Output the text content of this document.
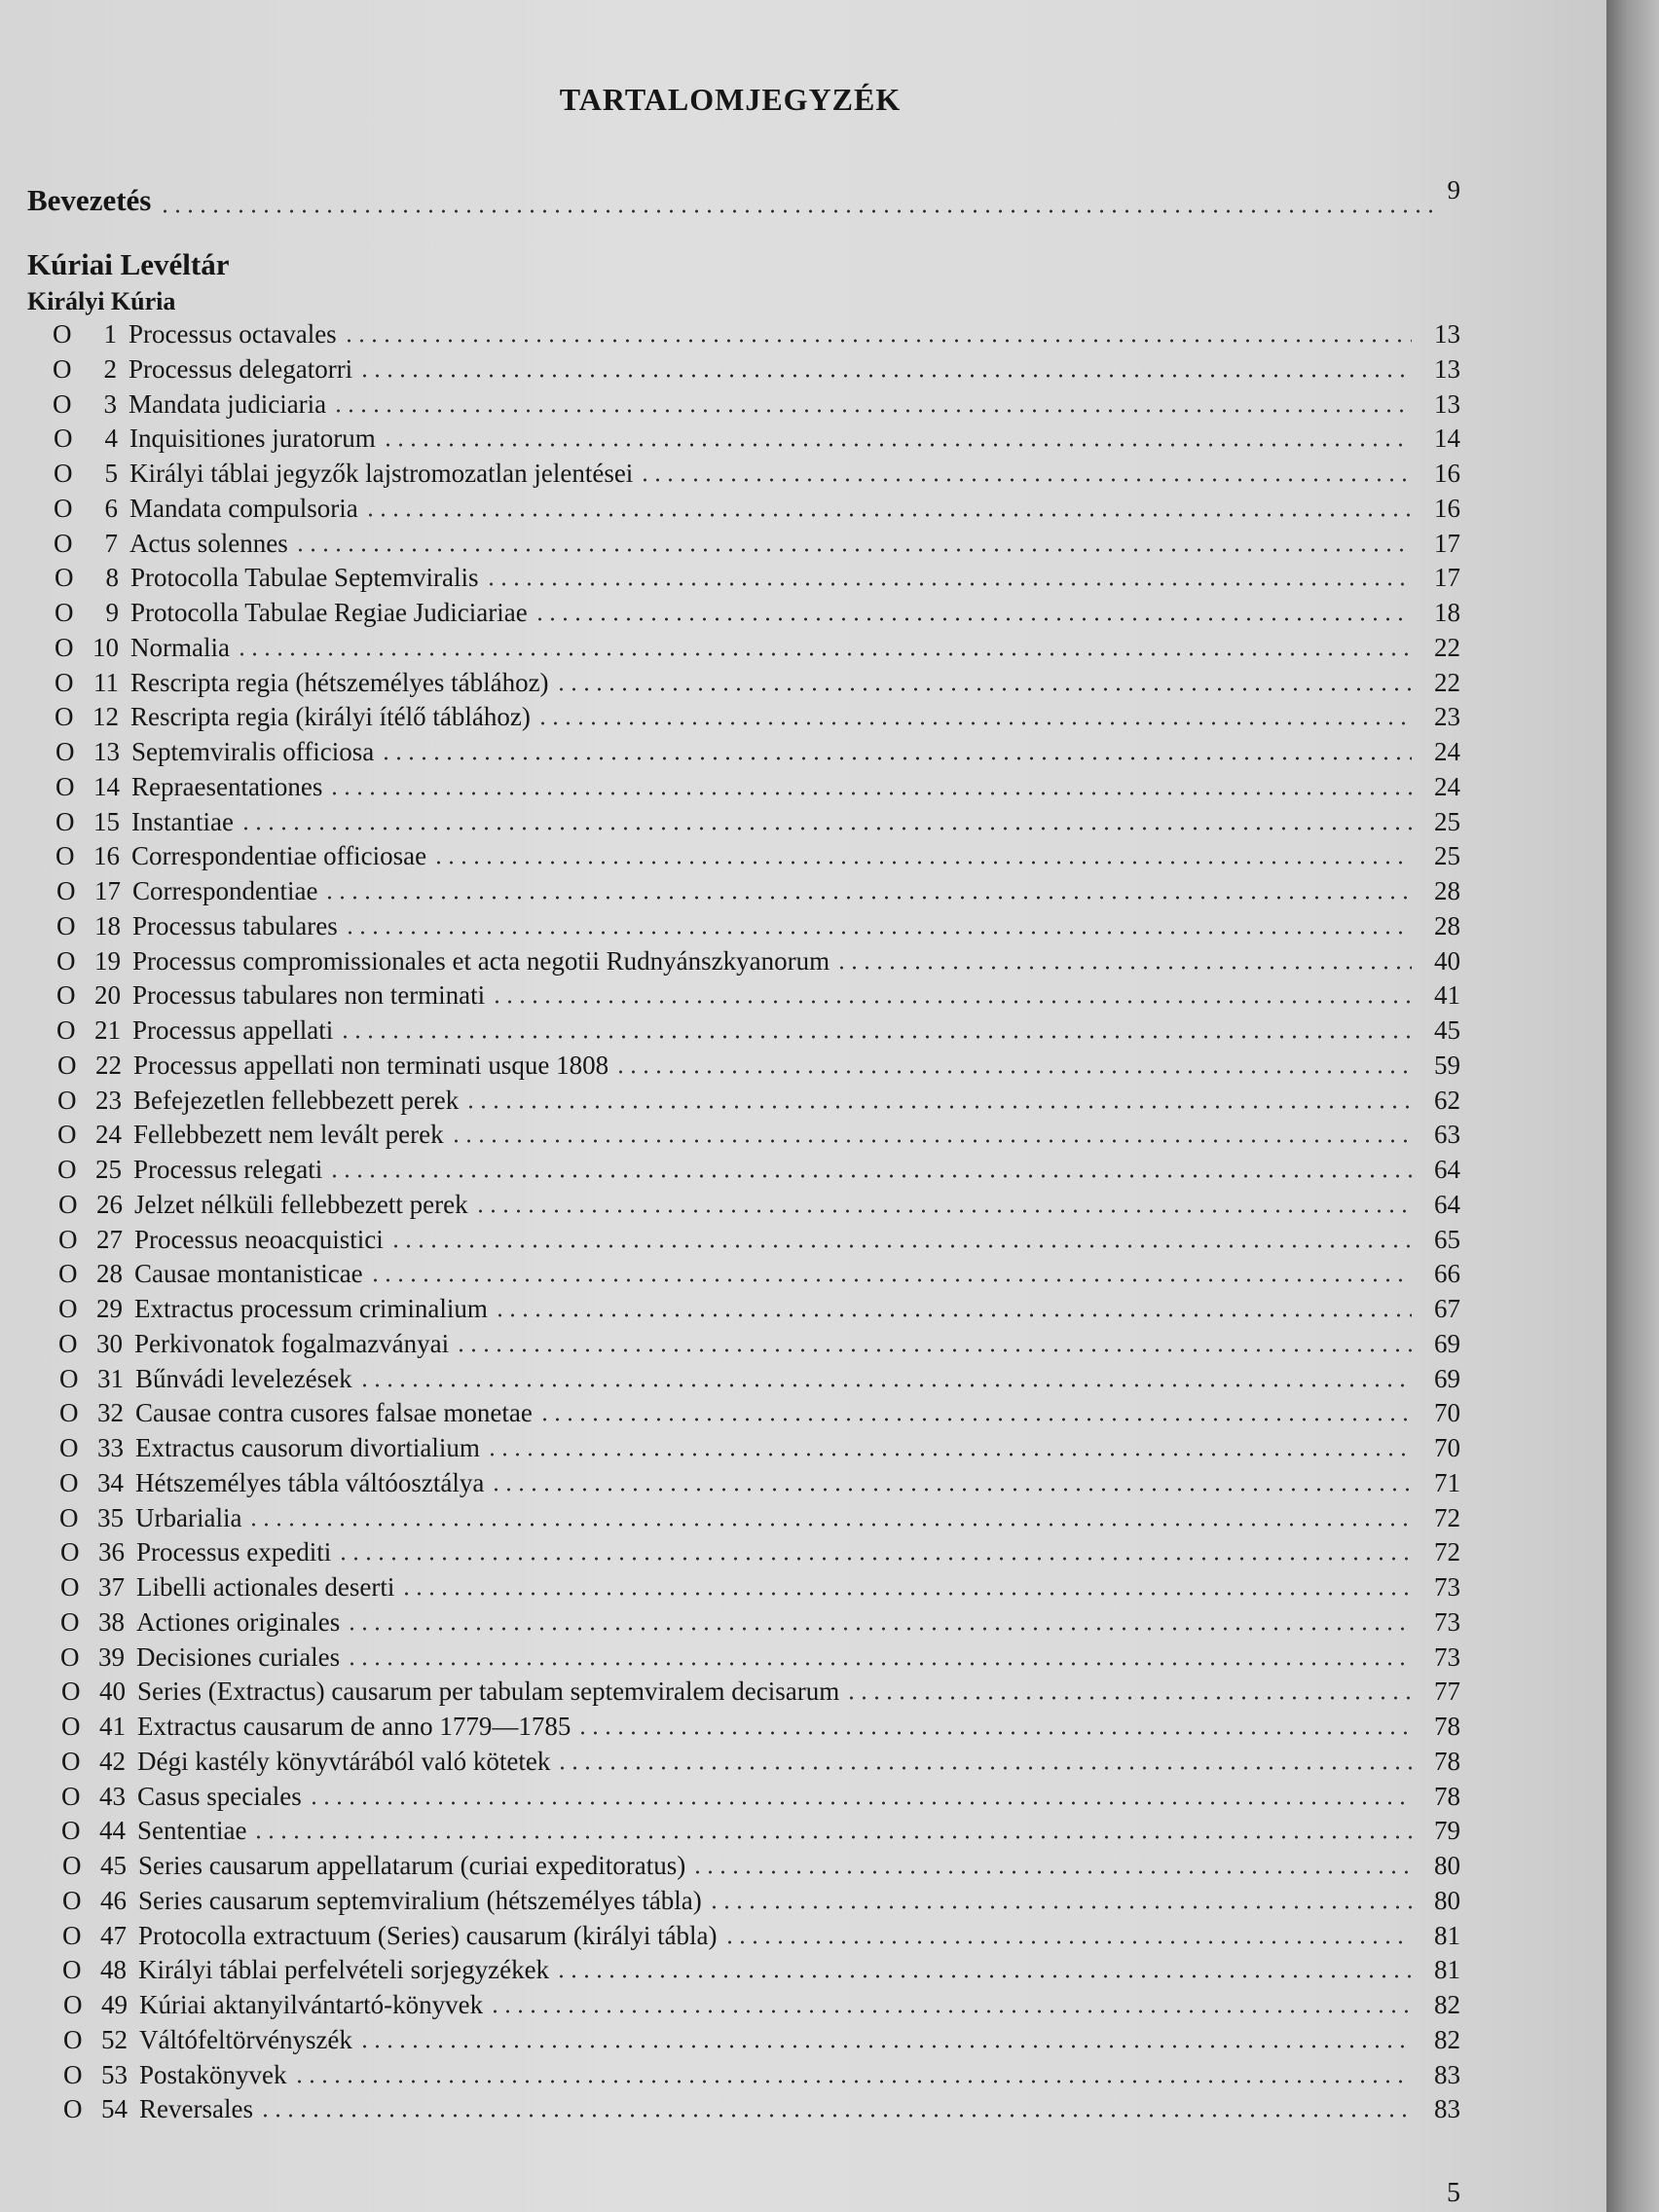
TARTALOMJEGYZÉK
Bevezetés	9
Kúriai Levéltár
Királyi Kúria
O	1 Processus octavales	13
O	2 Processus delegatorri	13
O	3 Mandata judiciaria	13
O	4 Inquisitiones juratorum	14
O	5 Királyi táblai jegyzők lajstromozatlan jelentései	16
O	6 Mandata compulsoria	16
O	7 Actus solennes	17
O	8 Protocolla Tabulae Septemviralis	17
O	9 Protocolla Tabulae Regiae Judiciariae	18
O 10 Normalia	22
O 11 Rescripta regia (hétszemélyes táblához)	22
O 12 Rescripta regia (királyi ítélő táblához)	23
O 13 Septemviralis officiosa	24
O 14 Repraesentationes	24
O 15 Instantiae	25
O 16 Correspondentiae officiosae	25
O 17 Correspondentiae	28
O 18 Processus tabulares	28
O 19 Processus compromissionales et acta negotii Rudnyánszkyanorum	40
O 20 Processus tabulares non terminati	41
O 21 Processus appellati	45
O 22 Processus appellati non terminati usque 1808	59
O 23 Befejezetlen fellebbezett perek	62
O 24 Fellebbezett nem levált perek	63
O 25 Processus relegati	64
O 26 Jelzet nélküli fellebbezett perek	64
O 27 Processus neoacquistici	65
O 28 Causae montanisticae	66
O 29 Extractus processum criminalium	67
O 30 Perkivonatok fogalmazványai	69
O 31 Bűnvádi levelezések	69
O 32 Causae contra cusores falsae monetae	70
O 33 Extractus causorum divortialium	70
O 34 Hétszemélyes tábla váltóosztálya	71
O 35 Urbarialia	72
O 36 Processus expediti	72
O 37 Libelli actionales deserti	73
O 38 Actiones originales	73
O 39 Decisiones curiales	73
O 40 Series (Extractus) causarum per tabulam septemviralem decisarum	77
O 41 Extractus causarum de anno 1779—1785	78
O 42 Dégi kastély könyvtárából való kötetek	78
O 43 Casus speciales	78
O 44 Sententiae	79
O 45 Series causarum appellatarum (curiai expeditoratus)	80
O 46 Series causarum septemviralium (hétszemélyes tábla)	80
O 47 Protocolla extractuum (Series) causarum (királyi tábla)	81
O 48 Királyi táblai perfelvételi sorjegyzékek	81
O 49 Kúriai aktanyilvántartó-könyvek	82
O 52 Váltófeltörvényszék	82
O 53 Postakönyvek	83
O 54 Reversales	83
5
